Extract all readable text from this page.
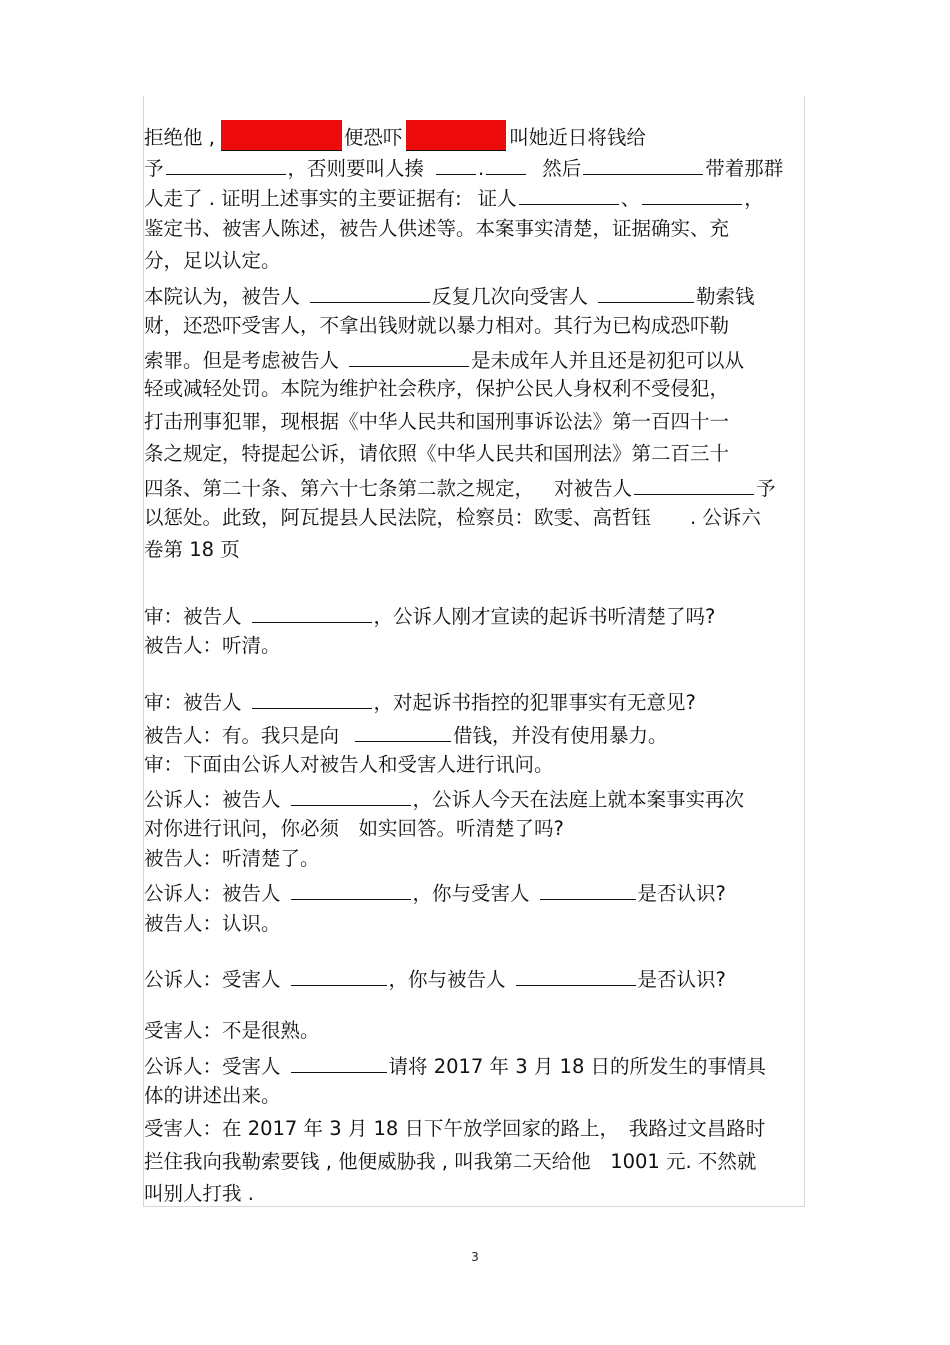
拒绝他 ,	便恐吓	叫她近日将钱给
予	，否则要叫人揍	.	然后	带着那群
人走了 . 证明上述事实的主要证据有: 证人	、	，
鉴定书、被害人陈述，被告人供述等。本案事实清楚，证据确实、充
分，足以认定。
本院认为，被告人	反复几次向受害人	勒索钱
财，还恐吓受害人，不拿出钱财就以暴力相对。其行为已构成恐吓勒
索罪。但是考虑被告人	是未成年人并且还是初犯可以从
轻或减轻处罚。本院为维护社会秩序，保护公民人身权利不受侵犯，
打击刑事犯罪，现根据《中华人民共和国刑事诉讼法》第一百四十一
条之规定，特提起公诉，请依照《中华人民共和国刑法》第二百三十
四条、第二十条、第六十七条第二款之规定， 对被告人	予
以惩处。此致，阿瓦提县人民法院，检察员：欧雯、高哲钰　　. 公诉六
卷第 18 页
审：被告人	，公诉人刚才宣读的起诉书听清楚了吗?
被告人：听清。
审：被告人	，对起诉书指控的犯罪事实有无意见?
被告人：有。我只是向	借钱，并没有使用暴力。
审：下面由公诉人对被告人和受害人进行讯问。
公诉人：被告人	，公诉人今天在法庭上就本案事实再次
对你进行讯问，你必须　如实回答。听清楚了吗?
被告人：听清楚了。
公诉人：被告人	，你与受害人	是否认识?
被告人：认识。
公诉人：受害人	，你与被告人	是否认识?
受害人：不是很熟。
公诉人：受害人	请将 2017 年 3 月 18 日的所发生的事情具
体的讲述出来。
受害人：在 2017 年 3 月 18 日下午放学回家的路上，　我路过文昌路时
拦住我向我勒索要钱 , 他便威胁我 , 叫我第二天给他　1001 元. 不然就
叫别人打我 .
3
